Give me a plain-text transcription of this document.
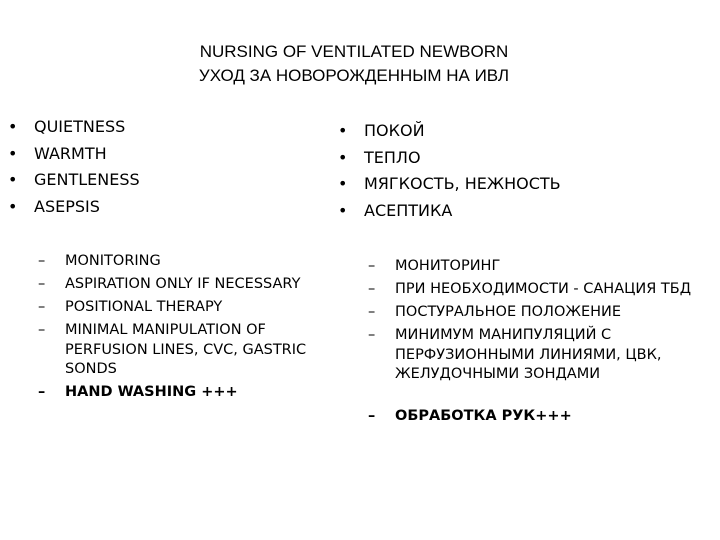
NURSING OF VENTILATED NEWBORN
УХОД ЗА НОВОРОЖДЕННЫМ НА ИВЛ
• QUIETNESS
• WARMTH
• GENTLENESS
• ASEPSIS
– MONITORING
– ASPIRATION ONLY IF NECESSARY
– POSITIONAL THERAPY
– MINIMAL MANIPULATION OF PERFUSION LINES, CVC, GASTRIC SONDS
– HAND WASHING +++
• ПОКОЙ
• ТЕПЛО
• МЯГКОСТЬ, НЕЖНОСТЬ
• АСЕПТИКА
– МОНИТОРИНГ
– ПРИ НЕОБХОДИМОСТИ - САНАЦИЯ ТБД
– ПОСТУРАЛЬНОЕ ПОЛОЖЕНИЕ
– МИНИМУМ МАНИПУЛЯЦИЙ С ПЕРФУЗИОННЫМИ ЛИНИЯМИ, ЦВК, ЖЕЛУДОЧНЫМИ ЗОНДАМИ
– ОБРАБОТКА РУК+++
